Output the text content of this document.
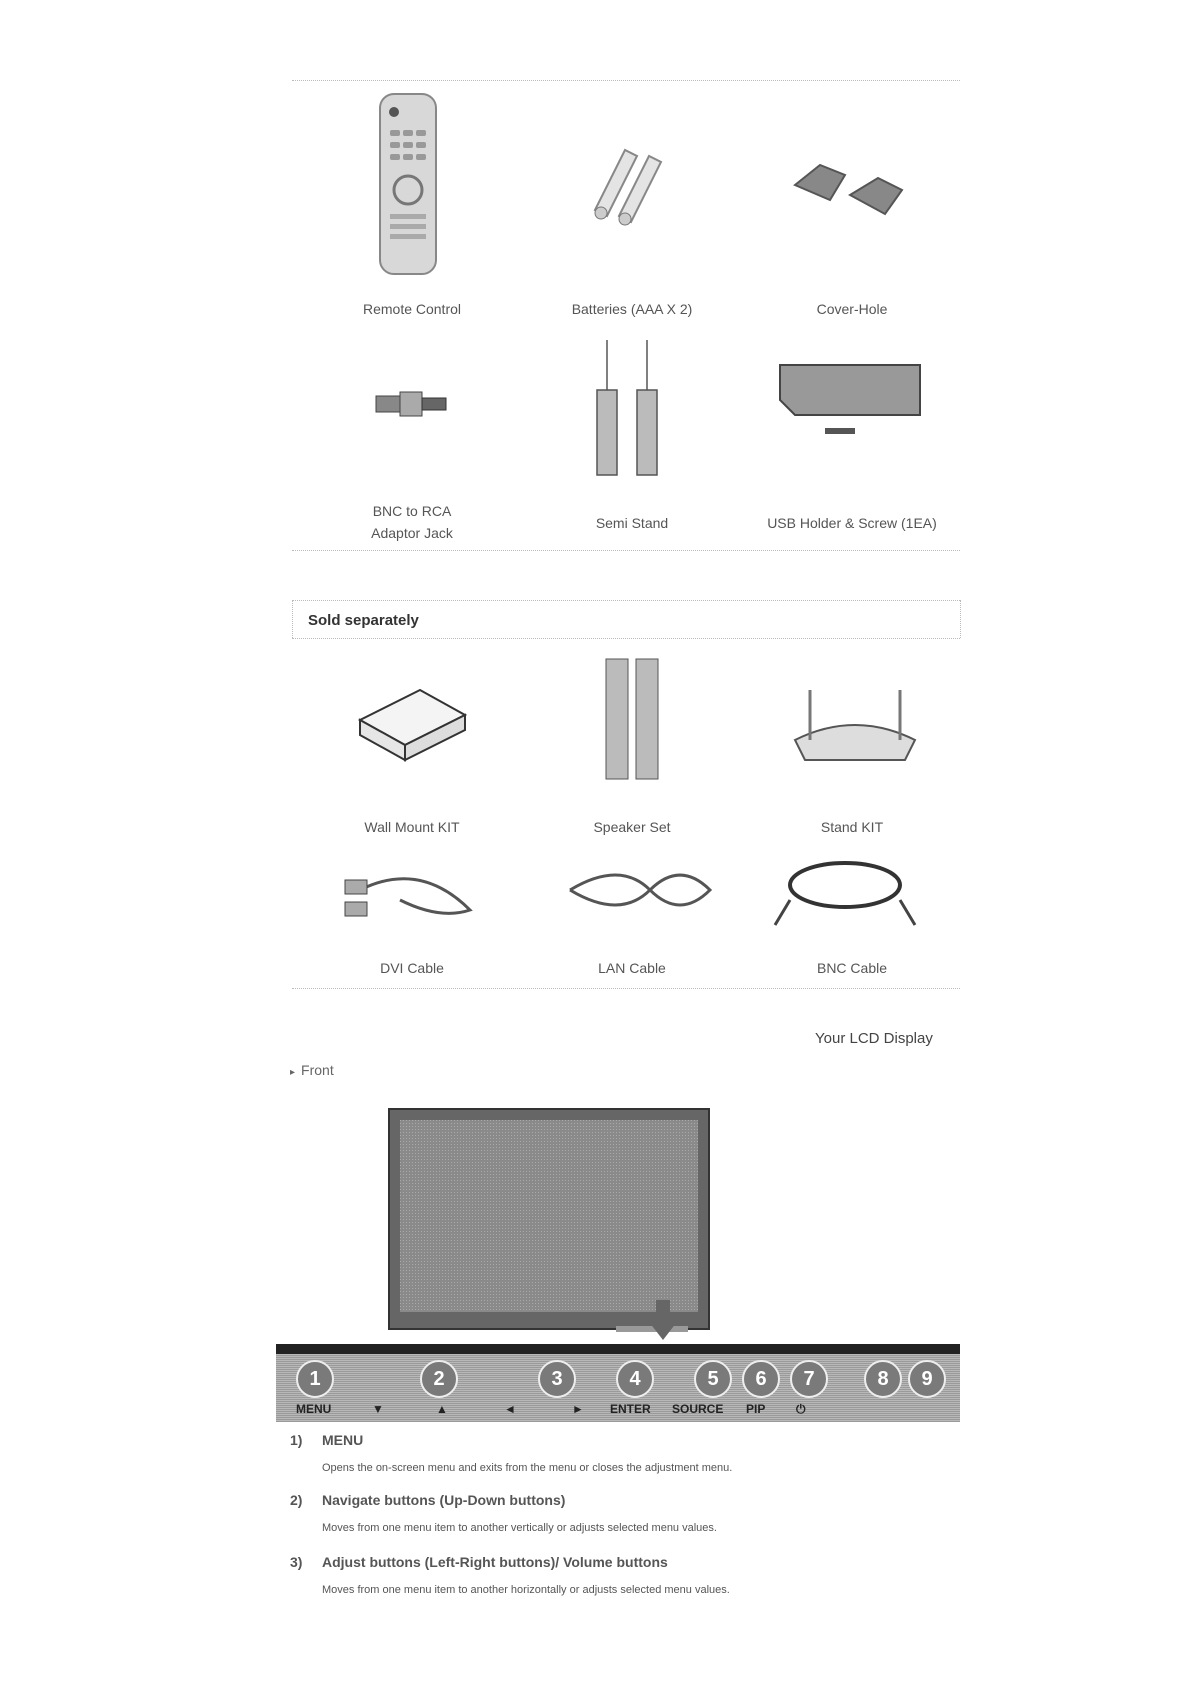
Remote Control	Batteries (AAA X 2)	Cover-Hole
BNC to RCA
Adaptor Jack
Semi Stand	USB Holder & Screw (1EA)
Sold separately
Wall Mount KIT	Speaker Set	Stand KIT
DVI Cable	LAN Cable	BNC Cable
Your LCD Display
▸ Front
1
MENU
2
▼	▲
3
◄
4
►
5
ENTER
6
SOURCE
7
PIP
8
⏻
9
1) MENU
Opens the on-screen menu and exits from the menu or closes the adjustment menu.
2) Navigate buttons (Up-Down buttons)
Moves from one menu item to another vertically or adjusts selected menu values.
3) Adjust buttons (Left-Right buttons)/ Volume buttons
Moves from one menu item to another horizontally or adjusts selected menu values.
